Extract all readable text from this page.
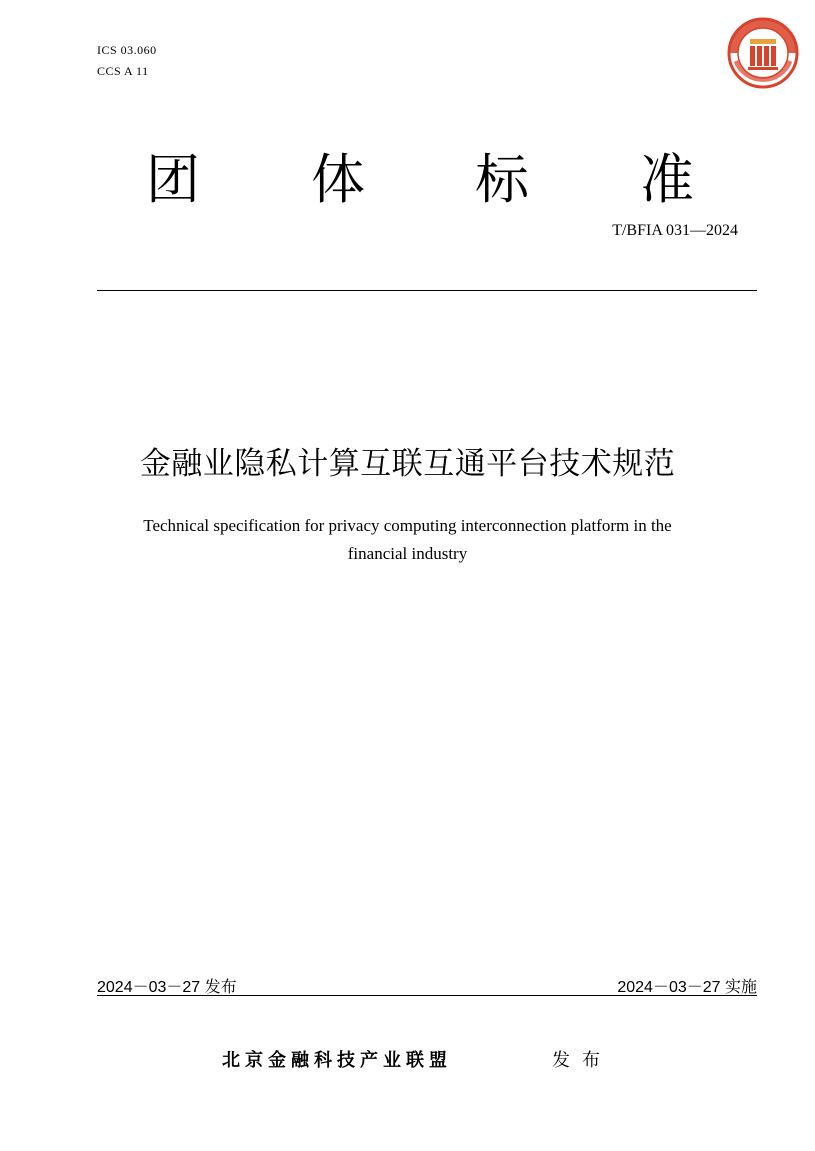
ICS 03.060
CCS A 11
团 体 标 准
T/BFIA 031—2024
金融业隐私计算互联互通平台技术规范
Technical specification for privacy computing interconnection platform in the
financial industry
2024－03－27 发布	2024－03－27 实施
北京金融科技产业联盟	发布
